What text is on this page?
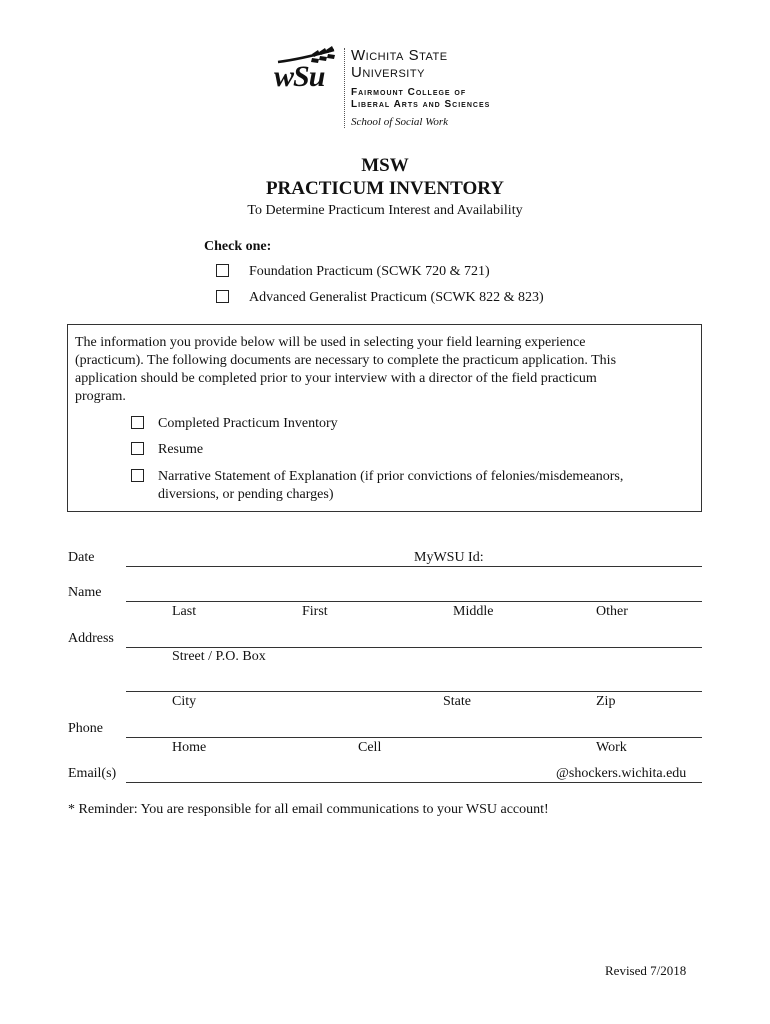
wSu
Wichita State
University
Fairmount College of
Liberal Arts and Sciences
School of Social Work
MSW
PRACTICUM INVENTORY
To Determine Practicum Interest and Availability
Check one:
Foundation Practicum (SCWK 720 & 721)
Advanced Generalist Practicum (SCWK 822 & 823)
The information you provide below will be used in selecting your field learning experience
(practicum). The following documents are necessary to complete the practicum application. This
application should be completed prior to your interview with a director of the field practicum
program.
Completed Practicum Inventory
Resume
Narrative Statement of Explanation (if prior convictions of felonies/misdemeanors,
diversions, or pending charges)
Date	MyWSU Id:
Name
Last	First	Middle	Other
Address
Street / P.O. Box
City	State	Zip
Phone
Home	Cell	Work
Email(s)	@shockers.wichita.edu
* Reminder: You are responsible for all email communications to your WSU account!
Revised 7/2018
